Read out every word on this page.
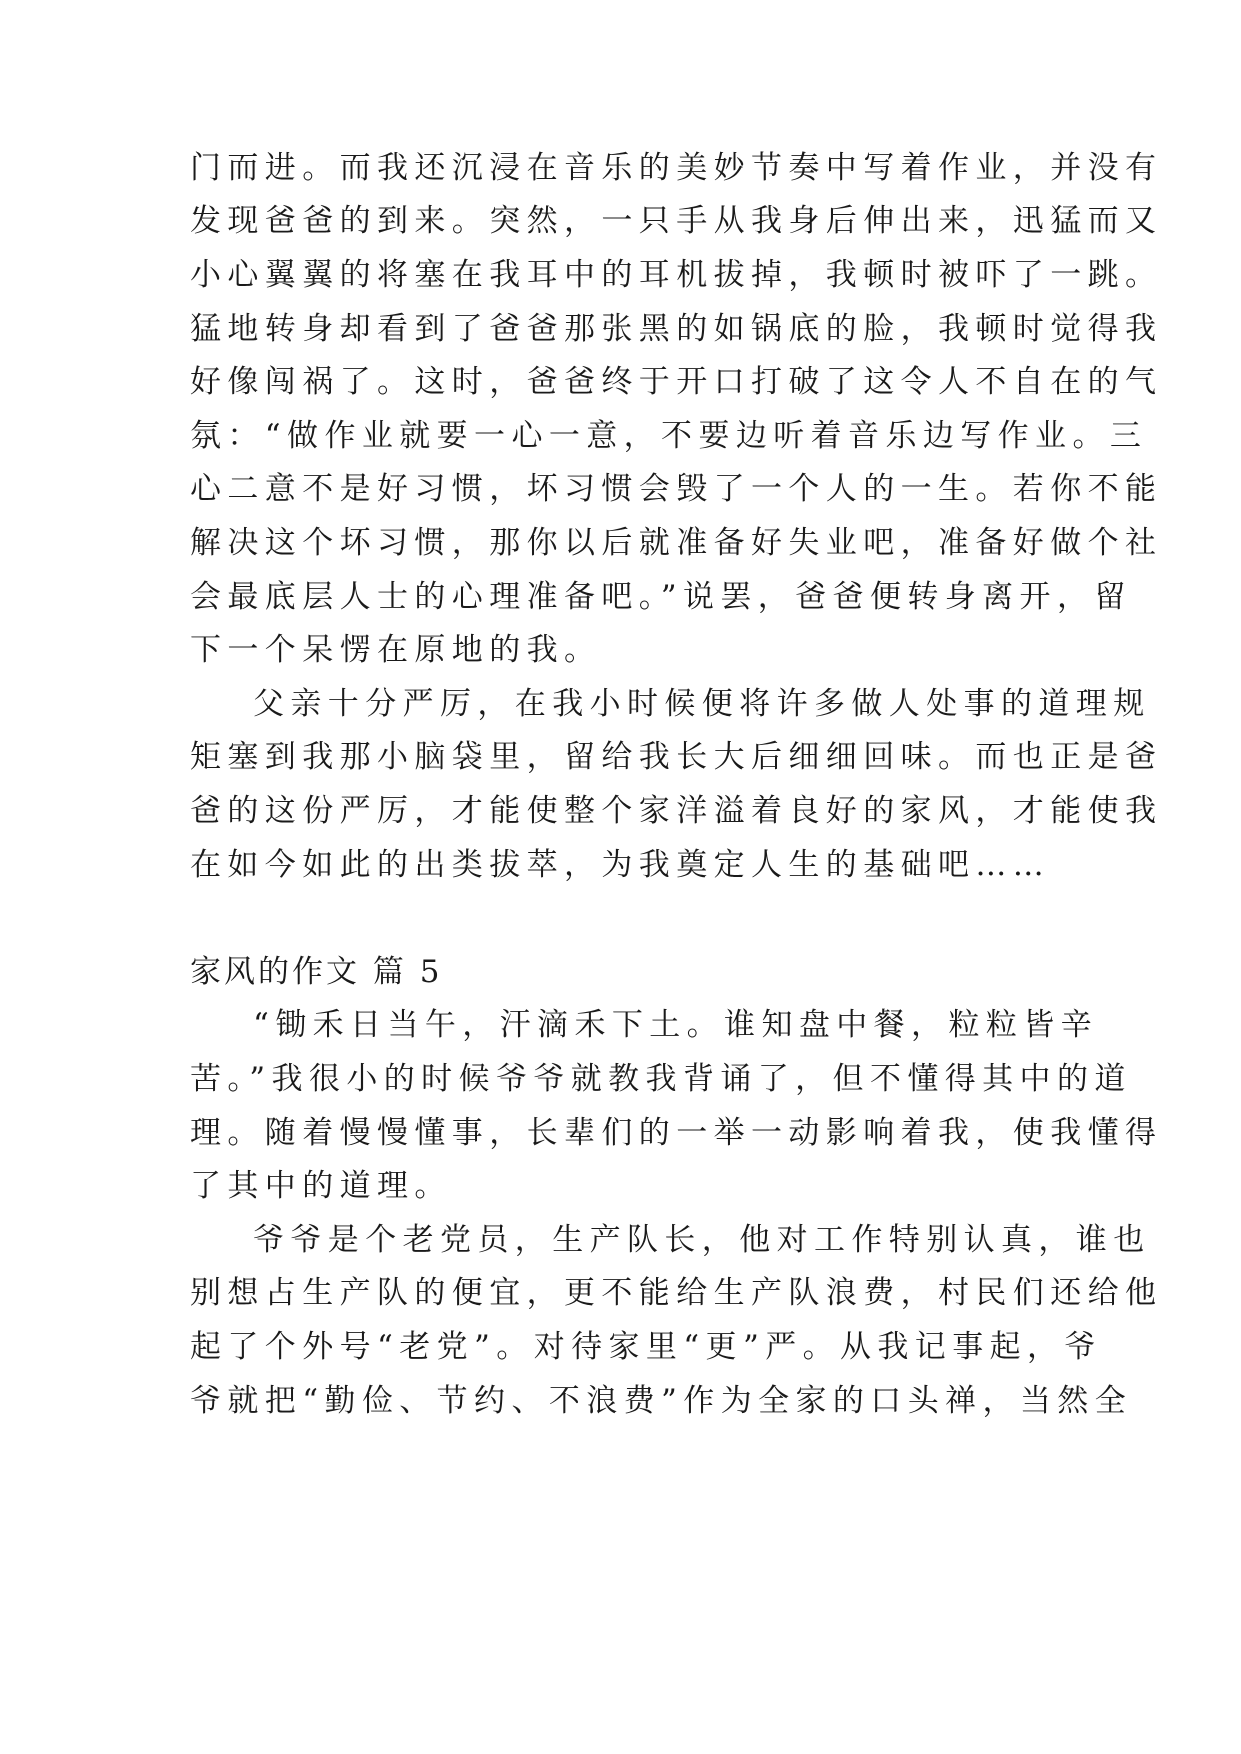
门而进。而我还沉浸在音乐的美妙节奏中写着作业，并没有

发现爸爸的到来。突然，一只手从我身后伸出来，迅猛而又

小心翼翼的将塞在我耳中的耳机拔掉，我顿时被吓了一跳。

猛地转身却看到了爸爸那张黑的如锅底的脸，我顿时觉得我

好像闯祸了。这时，爸爸终于开口打破了这令人不自在的气

氛：“做作业就要一心一意，不要边听着音乐边写作业。三

心二意不是好习惯，坏习惯会毁了一个人的一生。若你不能

解决这个坏习惯，那你以后就准备好失业吧，准备好做个社

会最底层人士的心理准备吧。”说罢，爸爸便转身离开，留

下一个呆愣在原地的我。

父亲十分严厉，在我小时候便将许多做人处事的道理规

矩塞到我那小脑袋里，留给我长大后细细回味。而也正是爸

爸的这份严厉，才能使整个家洋溢着良好的家风，才能使我

在如今如此的出类拔萃，为我奠定人生的基础吧……

家风的作文 篇 5

“锄禾日当午，汗滴禾下土。谁知盘中餐，粒粒皆辛

苦。”我很小的时候爷爷就教我背诵了，但不懂得其中的道

理。随着慢慢懂事，长辈们的一举一动影响着我，使我懂得

了其中的道理。

爷爷是个老党员，生产队长，他对工作特别认真，谁也

别想占生产队的便宜，更不能给生产队浪费，村民们还给他

起了个外号“老党”。对待家里“更”严。从我记事起，爷

爷就把“勤俭、节约、不浪费”作为全家的口头禅，当然全
